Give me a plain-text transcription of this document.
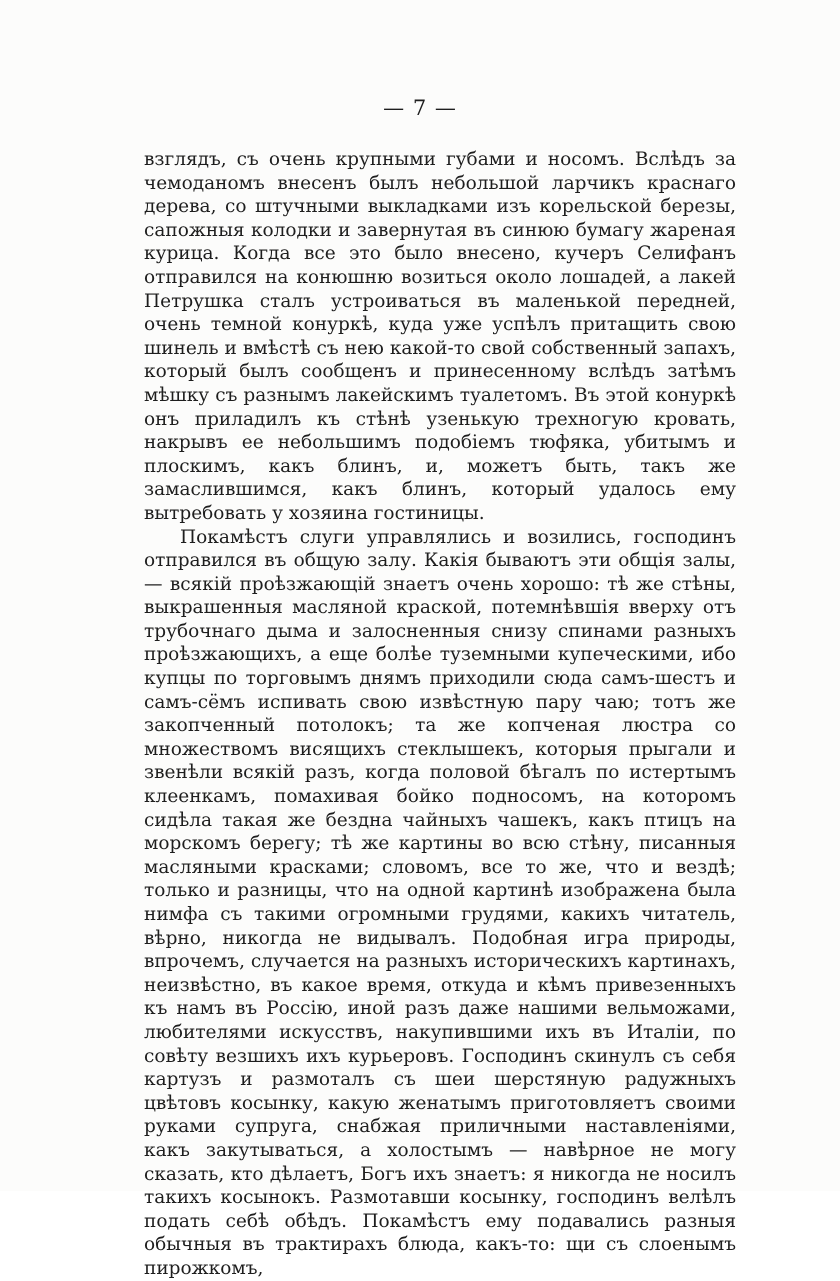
— 7 —

взглядъ, съ очень крупными губами и носомъ. Вслѣдъ за чемоданомъ внесенъ былъ небольшой ларчикъ краснаго дерева, со штучными выкладками изъ корельской березы, сапожныя колодки и завернутая въ синюю бумагу жареная курица. Когда все это было внесено, кучеръ Селифанъ отправился на конюшню возиться около лошадей, а лакей Петрушка сталъ устроиваться въ маленькой передней, очень темной конуркѣ, куда уже успѣлъ притащить свою шинель и вмѣстѣ съ нею какой-то свой собственный запахъ, который былъ сообщенъ и принесенному вслѣдъ затѣмъ мѣшку съ разнымъ лакейскимъ туалетомъ. Въ этой конуркѣ онъ приладилъ къ стѣнѣ узенькую трехногую кровать, накрывъ ее небольшимъ подобіемъ тюфяка, убитымъ и плоскимъ, какъ блинъ, и, можетъ быть, такъ же замаслившимся, какъ блинъ, который удалось ему вытребовать у хозяина гостиницы.

Покамѣстъ слуги управлялись и возились, господинъ отправился въ общую залу. Какія бываютъ эти общія залы, — всякій проѣзжающій знаетъ очень хорошо: тѣ же стѣны, выкрашенныя масляной краской, потемнѣвшія вверху отъ трубочнаго дыма и залосненныя снизу спинами разныхъ проѣзжающихъ, а еще болѣе туземными купеческими, ибо купцы по торговымъ днямъ приходили сюда самъ-шестъ и самъ-сёмъ испивать свою извѣстную пару чаю; тотъ же закопченный потолокъ; та же копченая люстра со множествомъ висящихъ стеклышекъ, которыя прыгали и звенѣли всякій разъ, когда половой бѣгалъ по истертымъ клеенкамъ, помахивая бойко подносомъ, на которомъ сидѣла такая же бездна чайныхъ чашекъ, какъ птицъ на морскомъ берегу; тѣ же картины во всю стѣну, писанныя масляными красками; словомъ, все то же, что и вездѣ; только и разницы, что на одной картинѣ изображена была нимфа съ такими огромными грудями, какихъ читатель, вѣрно, никогда не видывалъ. Подобная игра природы, впрочемъ, случается на разныхъ историческихъ картинахъ, неизвѣстно, въ какое время, откуда и кѣмъ привезенныхъ къ намъ въ Россію, иной разъ даже нашими вельможами, любителями искусствъ, накупившими ихъ въ Италіи, по совѣту везшихъ ихъ курьеровъ. Господинъ скинулъ съ себя картузъ и размоталъ съ шеи шерстяную радужныхъ цвѣтовъ косынку, какую женатымъ приготовляетъ своими руками супруга, снабжая приличными наставленіями, какъ закутываться, а холостымъ — навѣрное не могу сказать, кто дѣлаетъ, Богъ ихъ знаетъ: я никогда не носилъ такихъ косынокъ. Размотавши косынку, господинъ велѣлъ подать себѣ обѣдъ. Покамѣстъ ему подавались разныя обычныя въ трактирахъ блюда, какъ-то: щи съ слоенымъ пирожкомъ,
